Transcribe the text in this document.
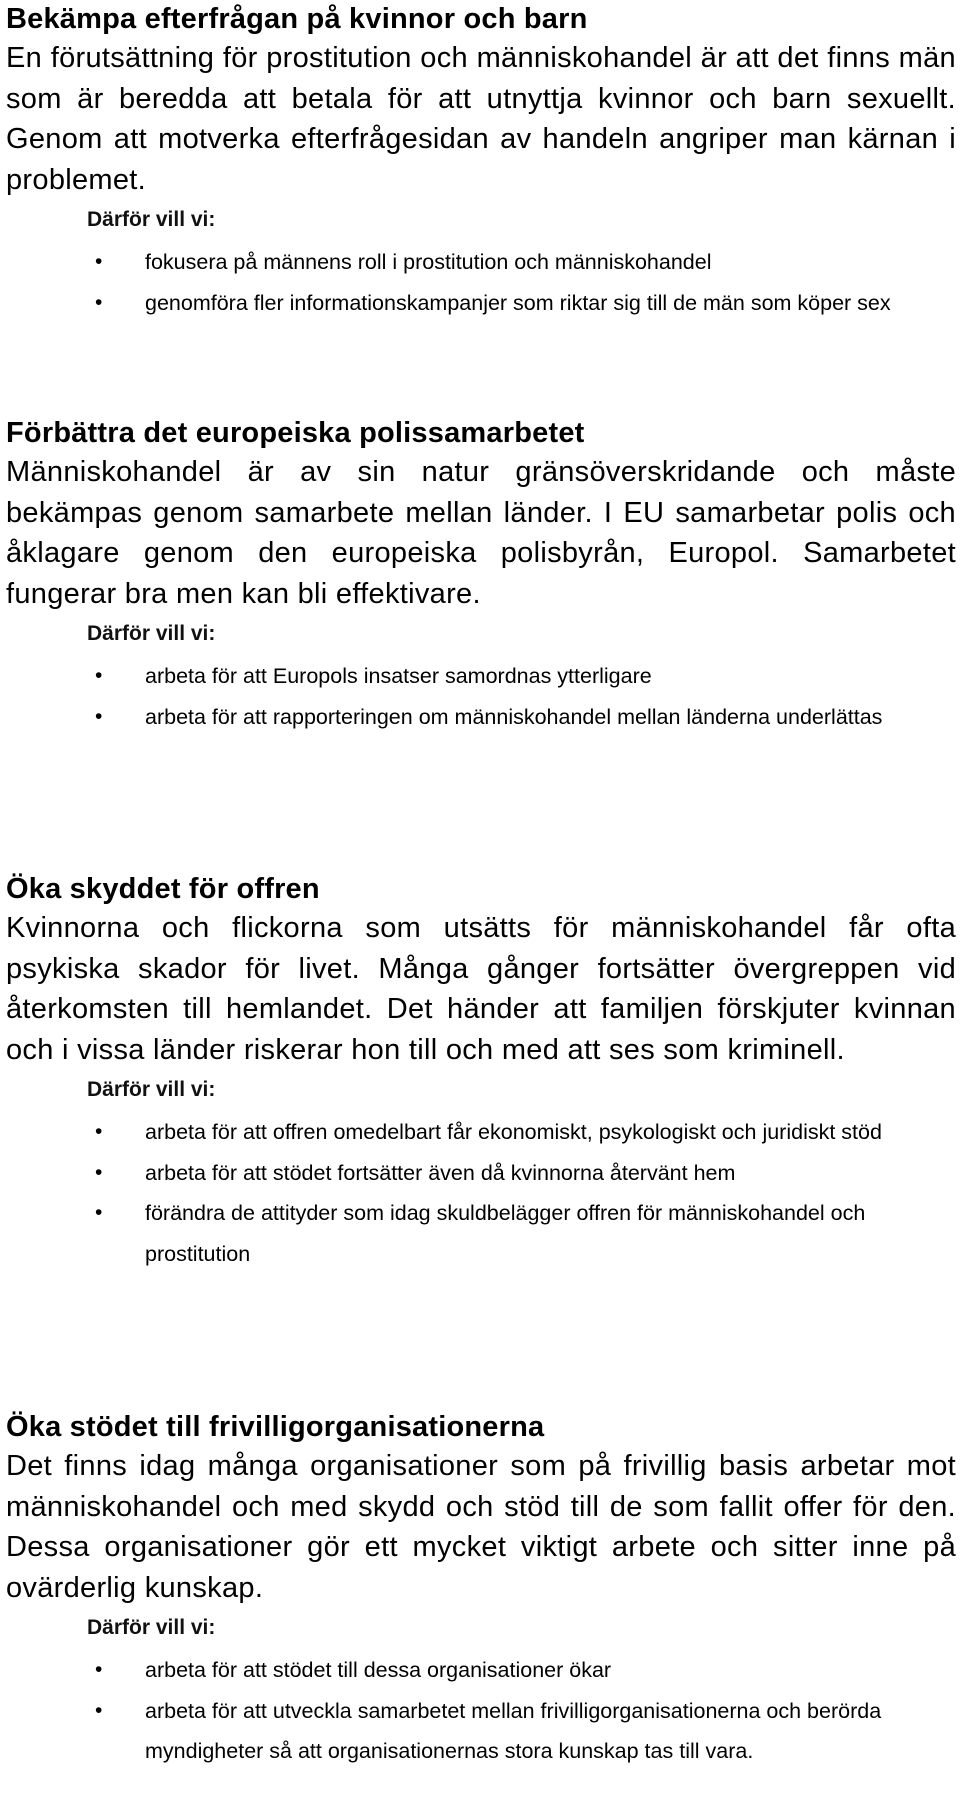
Bekämpa efterfrågan på kvinnor och barn

En förutsättning för prostitution och människohandel är att det finns män som är beredda att betala för att utnyttja kvinnor och barn sexuellt. Genom att motverka efterfrågesidan av handeln angriper man kärnan i problemet.

Därför vill vi:
• fokusera på männens roll i prostitution och människohandel
• genomföra fler informationskampanjer som riktar sig till de män som köper sex
Förbättra det europeiska polissamarbetet

Människohandel är av sin natur gränsöverskridande och måste bekämpas genom samarbete mellan länder. I EU samarbetar polis och åklagare genom den europeiska polisbyrån, Europol. Samarbetet fungerar bra men kan bli effektivare.

Därför vill vi:
• arbeta för att Europols insatser samordnas ytterligare
• arbeta för att rapporteringen om människohandel mellan länderna underlättas
Öka skyddet för offren

Kvinnorna och flickorna som utsätts för människohandel får ofta psykiska skador för livet. Många gånger fortsätter övergreppen vid återkomsten till hemlandet. Det händer att familjen förskjuter kvinnan och i vissa länder riskerar hon till och med att ses som kriminell.

Därför vill vi:
• arbeta för att offren omedelbart får ekonomiskt, psykologiskt och juridiskt stöd
• arbeta för att stödet fortsätter även då kvinnorna återvänt hem
• förändra de attityder som idag skuldbelägger offren för människohandel och prostitution
Öka stödet till frivilligorganisationerna

Det finns idag många organisationer som på frivillig basis arbetar mot människohandel och med skydd och stöd till de som fallit offer för den. Dessa organisationer gör ett mycket viktigt arbete och sitter inne på ovärderlig kunskap.

Därför vill vi:
• arbeta för att stödet till dessa organisationer ökar
• arbeta för att utveckla samarbetet mellan frivilligorganisationerna och berörda myndigheter så att organisationernas stora kunskap tas till vara.
